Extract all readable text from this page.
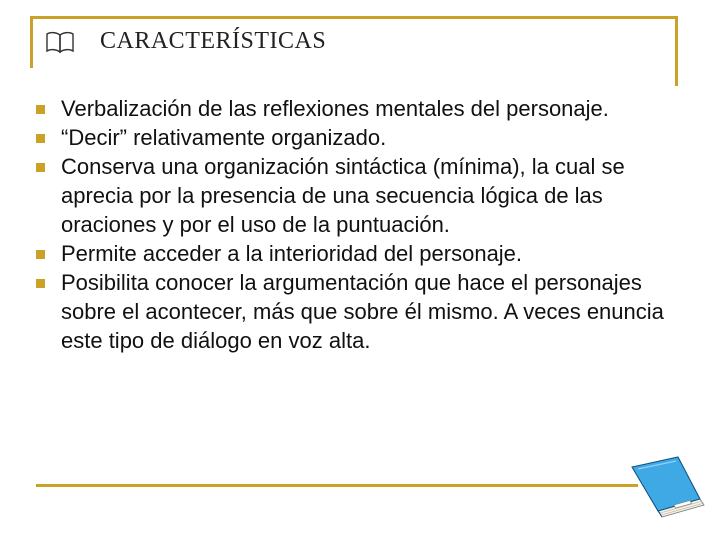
CARACTERÍSTICAS
Verbalización de las reflexiones mentales del personaje.
“Decir” relativamente organizado.
Conserva una organización sintáctica (mínima), la cual se aprecia por la presencia de una secuencia lógica de las oraciones y por el uso de la puntuación.
Permite acceder a la interioridad del personaje.
Posibilita conocer la argumentación que hace el personajes sobre el acontecer, más que sobre él mismo. A veces enuncia este tipo de diálogo en voz alta.
